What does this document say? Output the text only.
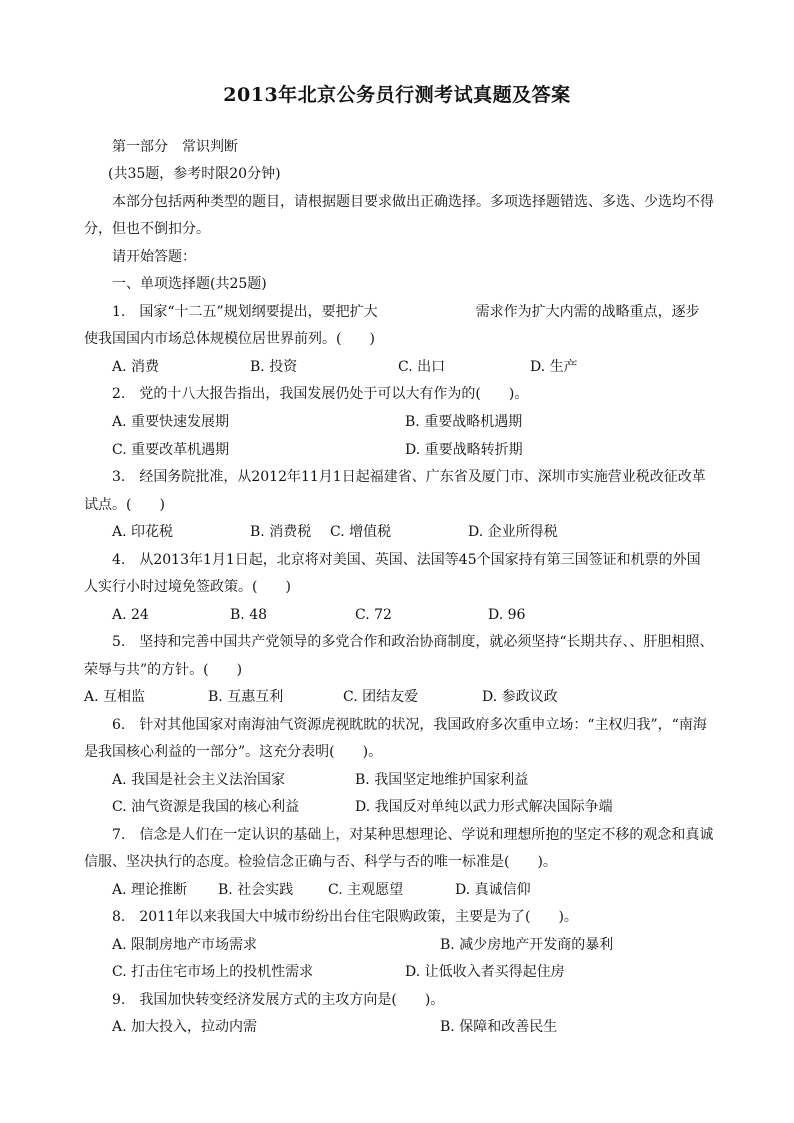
2013年北京公务员行测考试真题及答案
第一部分　常识判断
(共35题，参考时限20分钟)
本部分包括两种类型的题目，请根据题目要求做出正确选择。多项选择题错选、多选、少选均不得
分，但也不倒扣分。
请开始答题：
一、单项选择题(共25题)
1.　国家“十二五”规划纲要提出，要把扩大　　　　　　　需求作为扩大内需的战略重点，逐步
使我国国内市场总体规模位居世界前列。(　　)
A. 消费	B. 投资	C. 出口	D. 生产
2.　党的十八大报告指出，我国发展仍处于可以大有作为的(　　)。
A. 重要快速发展期	B. 重要战略机遇期
C. 重要改革机遇期	D. 重要战略转折期
3.　经国务院批准，从2012年11月1日起福建省、广东省及厦门市、深圳市实施营业税改征改革
试点。(　　)
A. 印花税	B. 消费税 C. 增值税	D. 企业所得税
4.　从2013年1月1日起，北京将对美国、英国、法国等45个国家持有第三国签证和机票的外国
人实行小时过境免签政策。(　　)
A. 24	B. 48	C. 72	D. 96
5.　坚持和完善中国共产党领导的多党合作和政治协商制度，就必须坚持“长期共存、、肝胆相照、
荣辱与共”的方针。(　　)
A. 互相监	B. 互惠互利	C. 团结友爱	D. 参政议政
6.　针对其他国家对南海油气资源虎视眈眈的状况，我国政府多次重申立场：“主权归我”，“南海
是我国核心利益的一部分”。这充分表明(　　)。
A. 我国是社会主义法治国家	B. 我国坚定地维护国家利益
C. 油气资源是我国的核心利益	D. 我国反对单纯以武力形式解决国际争端
7.　信念是人们在一定认识的基础上，对某种思想理论、学说和理想所抱的坚定不移的观念和真诚
信服、坚决执行的态度。检验信念正确与否、科学与否的唯一标准是(　　)。
A. 理论推断 B. 社会实践 C. 主观愿望	D. 真诚信仰
8.　2011年以来我国大中城市纷纷出台住宅限购政策，主要是为了(　　)。
A. 限制房地产市场需求	B. 减少房地产开发商的暴利
C. 打击住宅市场上的投机性需求	D. 让低收入者买得起住房
9.　我国加快转变经济发展方式的主攻方向是(　　)。
A. 加大投入，拉动内需	B. 保障和改善民生
